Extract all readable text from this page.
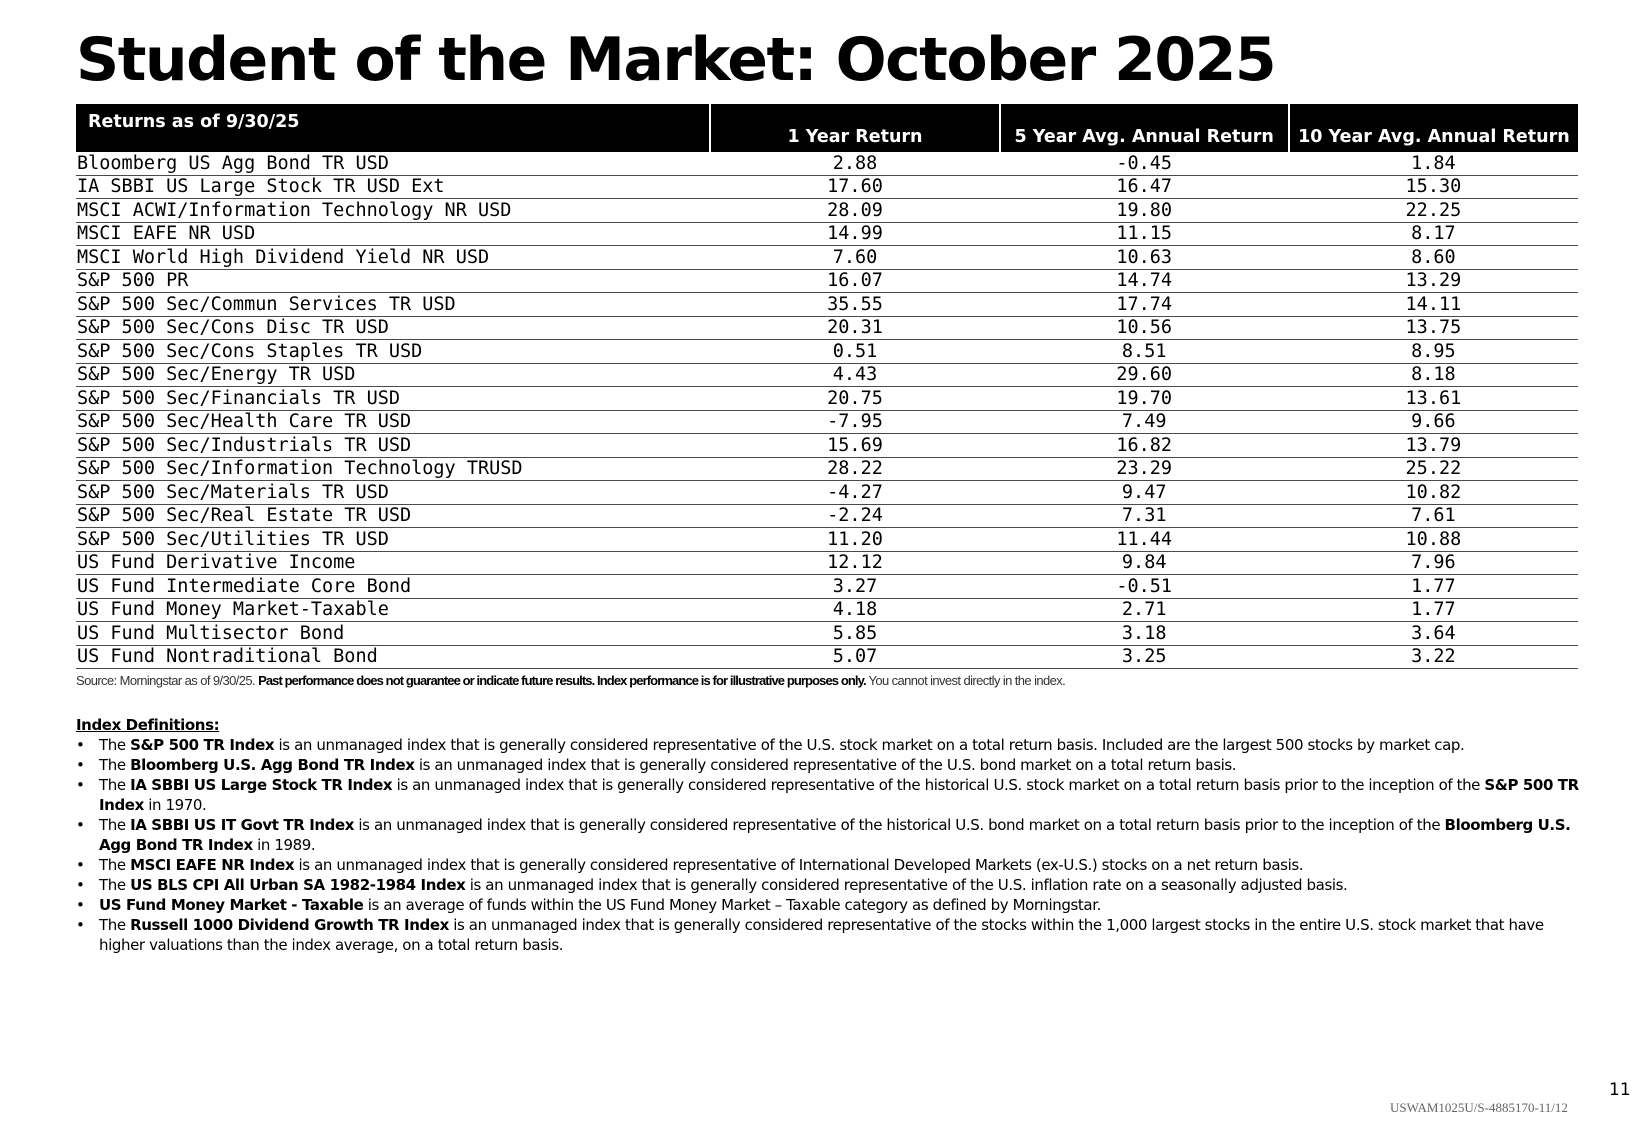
Student of the Market: October 2025
Returns as of 9/30/25	1 Year Return	5 Year Avg. Annual Return	10 Year Avg. Annual Return
Bloomberg US Agg Bond TR USD	2.88	-0.45	1.84
IA SBBI US Large Stock TR USD Ext	17.60	16.47	15.30
MSCI ACWI/Information Technology NR USD	28.09	19.80	22.25
MSCI EAFE NR USD	14.99	11.15	8.17
MSCI World High Dividend Yield NR USD	7.60	10.63	8.60
S&P 500 PR	16.07	14.74	13.29
S&P 500 Sec/Commun Services TR USD	35.55	17.74	14.11
S&P 500 Sec/Cons Disc TR USD	20.31	10.56	13.75
S&P 500 Sec/Cons Staples TR USD	0.51	8.51	8.95
S&P 500 Sec/Energy TR USD	4.43	29.60	8.18
S&P 500 Sec/Financials TR USD	20.75	19.70	13.61
S&P 500 Sec/Health Care TR USD	-7.95	7.49	9.66
S&P 500 Sec/Industrials TR USD	15.69	16.82	13.79
S&P 500 Sec/Information Technology TRUSD	28.22	23.29	25.22
S&P 500 Sec/Materials TR USD	-4.27	9.47	10.82
S&P 500 Sec/Real Estate TR USD	-2.24	7.31	7.61
S&P 500 Sec/Utilities TR USD	11.20	11.44	10.88
US Fund Derivative Income	12.12	9.84	7.96
US Fund Intermediate Core Bond	3.27	-0.51	1.77
US Fund Money Market-Taxable	4.18	2.71	1.77
US Fund Multisector Bond	5.85	3.18	3.64
US Fund Nontraditional Bond	5.07	3.25	3.22

Source: Morningstar as of 9/30/25. Past performance does not guarantee or indicate future results. Index performance is for illustrative purposes only. You cannot invest directly in the index.

Index Definitions:

• The S&P 500 TR Index is an unmanaged index that is generally considered representative of the U.S. stock market on a total return basis. Included are the largest 500 stocks by market cap.
• The Bloomberg U.S. Agg Bond TR Index is an unmanaged index that is generally considered representative of the U.S. bond market on a total return basis.
• The IA SBBI US Large Stock TR Index is an unmanaged index that is generally considered representative of the historical U.S. stock market on a total return basis prior to the inception of the S&P 500 TR Index in 1970.
• The IA SBBI US IT Govt TR Index is an unmanaged index that is generally considered representative of the historical U.S. bond market on a total return basis prior to the inception of the Bloomberg U.S. Agg Bond TR Index in 1989.
• The MSCI EAFE NR Index is an unmanaged index that is generally considered representative of International Developed Markets (ex-U.S.) stocks on a net return basis.
• The US BLS CPI All Urban SA 1982-1984 Index is an unmanaged index that is generally considered representative of the U.S. inflation rate on a seasonally adjusted basis.
• US Fund Money Market - Taxable is an average of funds within the US Fund Money Market – Taxable category as defined by Morningstar.
• The Russell 1000 Dividend Growth TR Index is an unmanaged index that is generally considered representative of the stocks within the 1,000 largest stocks in the entire U.S. stock market that have higher valuations than the index average, on a total return basis.
11
USWAM1025U/S-4885170-11/12
